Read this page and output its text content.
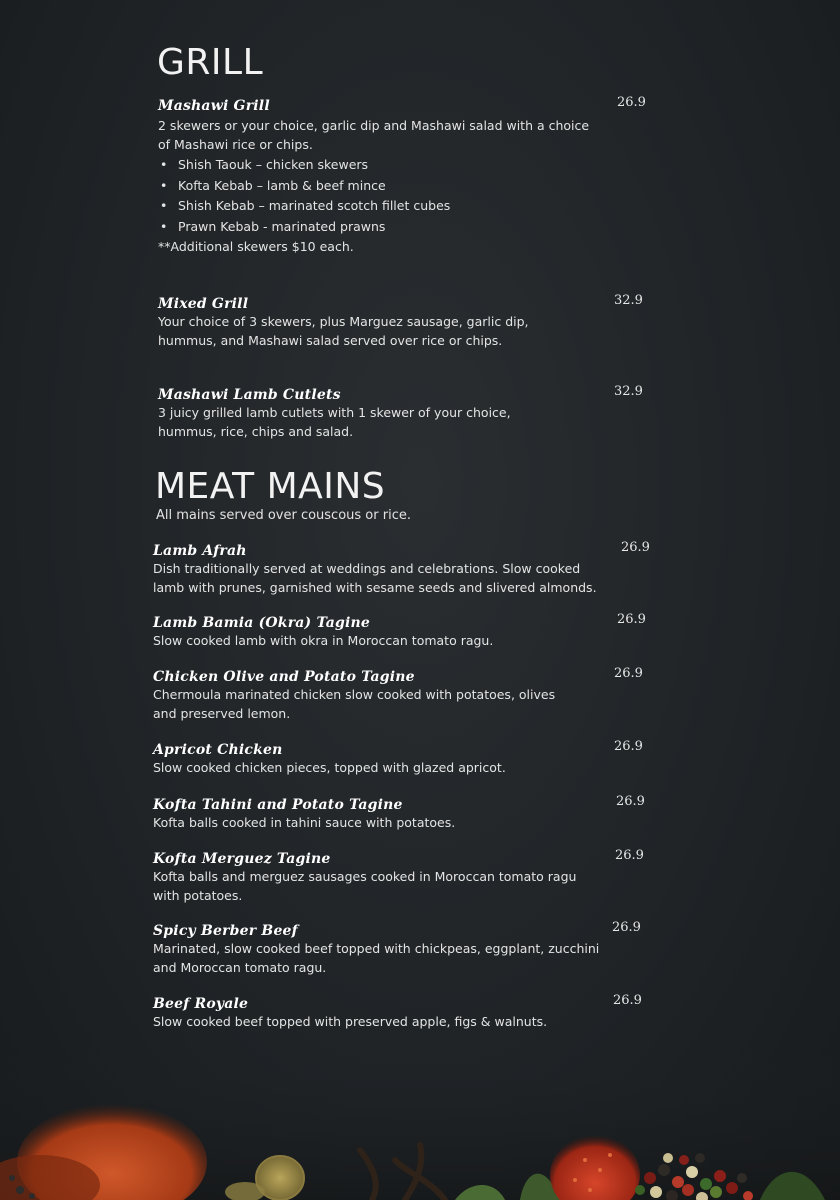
GRILL
Mashawi Grill	26.9
2 skewers or your choice, garlic dip and Mashawi salad with a choice
of Mashawi rice or chips.
• Shish Taouk – chicken skewers
• Kofta Kebab – lamb & beef mince
• Shish Kebab – marinated scotch fillet cubes
• Prawn Kebab - marinated prawns
**Additional skewers $10 each.
Mixed Grill	32.9
Your choice of 3 skewers, plus Marguez sausage, garlic dip,
hummus, and Mashawi salad served over rice or chips.
Mashawi Lamb Cutlets	32.9
3 juicy grilled lamb cutlets with 1 skewer of your choice,
hummus, rice, chips and salad.
MEAT MAINS
All mains served over couscous or rice.
Lamb Afrah	26.9
Dish traditionally served at weddings and celebrations. Slow cooked
lamb with prunes, garnished with sesame seeds and slivered almonds.
Lamb Bamia (Okra) Tagine	26.9
Slow cooked lamb with okra in Moroccan tomato ragu.
Chicken Olive and Potato Tagine	26.9
Chermoula marinated chicken slow cooked with potatoes, olives
and preserved lemon.
Apricot Chicken	26.9
Slow cooked chicken pieces, topped with glazed apricot.
Kofta Tahini and Potato Tagine	26.9
Kofta balls cooked in tahini sauce with potatoes.
Kofta Merguez Tagine	26.9
Kofta balls and merguez sausages cooked in Moroccan tomato ragu
with potatoes.
Spicy Berber Beef	26.9
Marinated, slow cooked beef topped with chickpeas, eggplant, zucchini
and Moroccan tomato ragu.
Beef Royale	26.9
Slow cooked beef topped with preserved apple, figs & walnuts.
